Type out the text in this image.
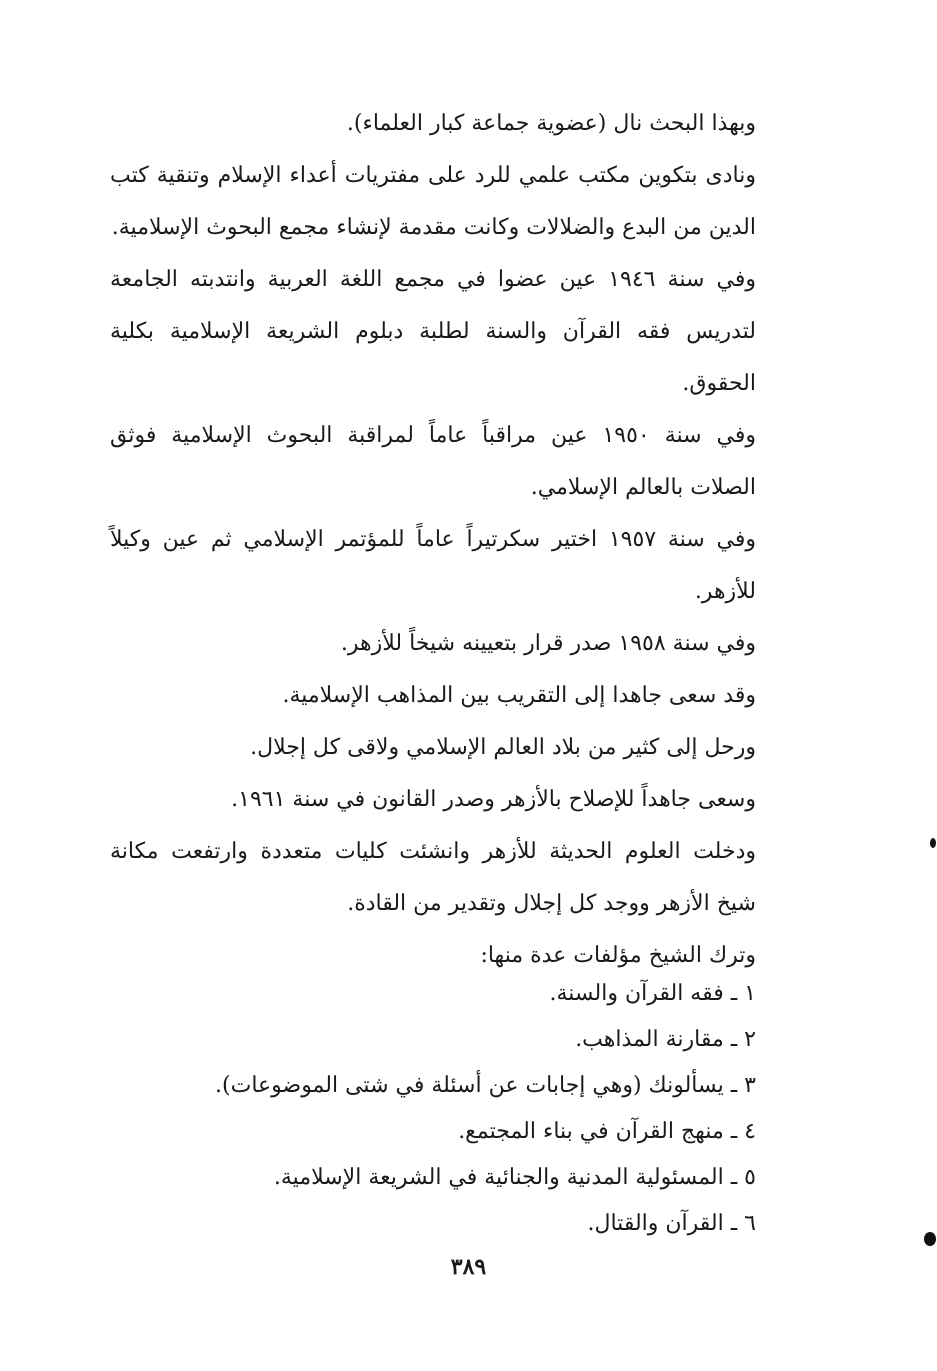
وبهذا البحث نال (عضوية جماعة كبار العلماء).

ونادى بتكوين مكتب علمي للرد على مفتريات أعداء الإسلام وتنقية كتب الدين من البدع والضلالات وكانت مقدمة لإنشاء مجمع البحوث الإسلامية.

وفي سنة ١٩٤٦ عين عضوا في مجمع اللغة العربية وانتدبته الجامعة لتدريس فقه القرآن والسنة لطلبة دبلوم الشريعة الإسلامية بكلية الحقوق.

وفي سنة ١٩٥٠ عين مراقباً عاماً لمراقبة البحوث الإسلامية فوثق الصلات بالعالم الإسلامي.

وفي سنة ١٩٥٧ اختير سكرتيراً عاماً للمؤتمر الإسلامي ثم عين وكيلاً للأزهر.

وفي سنة ١٩٥٨ صدر قرار بتعيينه شيخاً للأزهر.

وقد سعى جاهدا إلى التقريب بين المذاهب الإسلامية.

ورحل إلى كثير من بلاد العالم الإسلامي ولاقى كل إجلال.

وسعى جاهداً للإصلاح بالأزهر وصدر القانون في سنة ١٩٦١.

ودخلت العلوم الحديثة للأزهر وانشئت كليات متعددة وارتفعت مكانة شيخ الأزهر ووجد كل إجلال وتقدير من القادة.

وترك الشيخ مؤلفات عدة منها:

١ ـ فقه القرآن والسنة.
٢ ـ مقارنة المذاهب.
٣ ـ يسألونك (وهي إجابات عن أسئلة في شتى الموضوعات).
٤ ـ منهج القرآن في بناء المجتمع.
٥ ـ المسئولية المدنية والجنائية في الشريعة الإسلامية.
٦ ـ القرآن والقتال.
٣٨٩
